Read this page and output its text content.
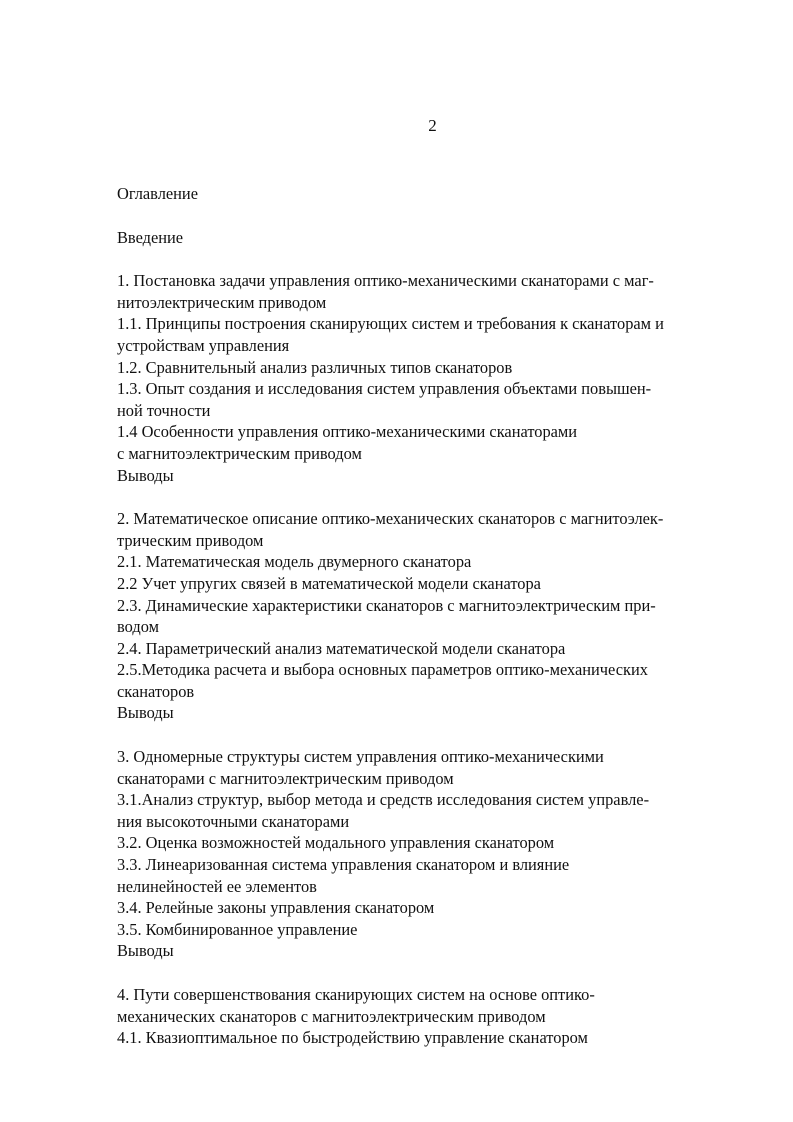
2
Оглавление
Введение
1. Постановка задачи управления оптико-механическими сканаторами с маг-
нитоэлектрическим приводом
1.1. Принципы построения сканирующих систем и требования к сканаторам и
устройствам управления
1.2. Сравнительный анализ различных типов сканаторов
1.3. Опыт создания и исследования систем управления объектами повышен-
ной точности
1.4 Особенности управления оптико-механическими сканаторами
с магнитоэлектрическим приводом
Выводы
2. Математическое описание оптико-механических сканаторов с магнитоэлек-
трическим приводом
2.1. Математическая модель двумерного сканатора
2.2 Учет упругих связей в математической модели сканатора
2.3. Динамические характеристики сканаторов с магнитоэлектрическим при-
водом
2.4. Параметрический анализ математической модели сканатора
2.5.Методика расчета и выбора основных параметров оптико-механических
сканаторов
Выводы
3. Одномерные структуры систем управления оптико-механическими
сканаторами с магнитоэлектрическим приводом
3.1.Анализ структур, выбор метода и средств исследования систем управле-
ния высокоточными сканаторами
3.2. Оценка возможностей модального управления сканатором
3.3. Линеаризованная система управления сканатором и влияние
нелинейностей ее элементов
3.4. Релейные законы управления сканатором
3.5. Комбинированное управление
Выводы
4. Пути совершенствования сканирующих систем на основе оптико-
механических сканаторов с магнитоэлектрическим приводом
4.1. Квазиоптимальное по быстродействию управление сканатором
